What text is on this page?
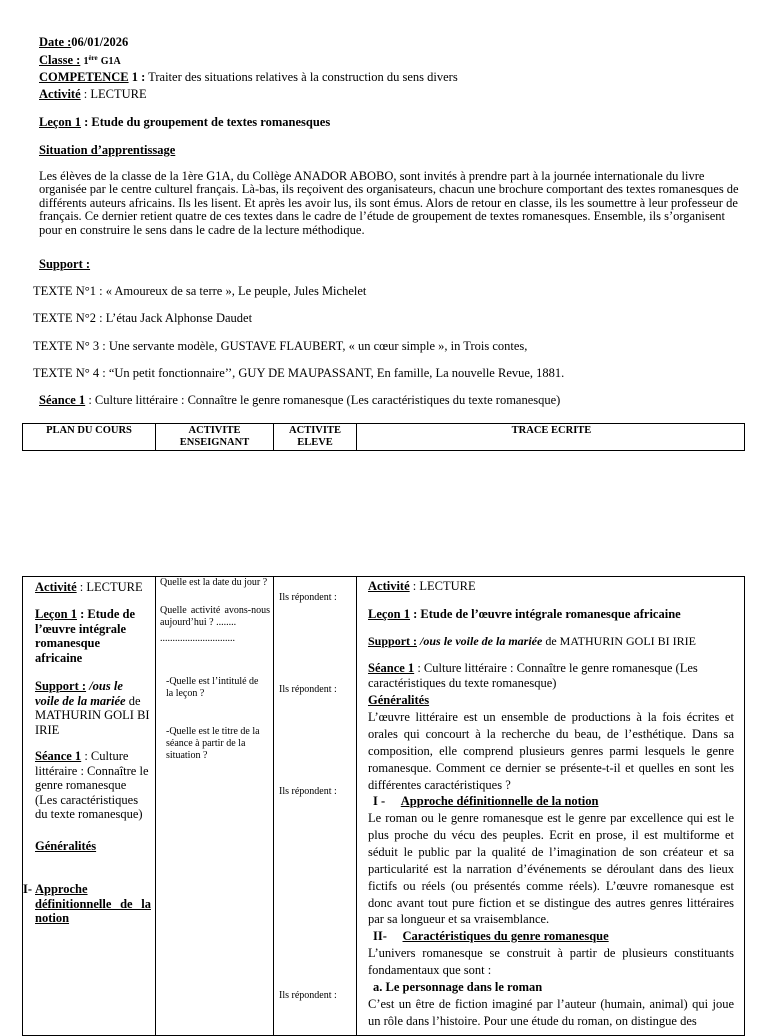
Date :06/01/2026
Classe : 1ère G1A
COMPETENCE 1 : Traiter des situations relatives à la construction du sens divers
Activité : LECTURE
Leçon 1 : Etude du groupement de textes romanesques
Situation d’apprentissage
Les élèves de la classe de la 1ère G1A, du Collège ANADOR ABOBO, sont invités à prendre part à la journée internationale du livre organisée par le centre culturel français. Là-bas, ils reçoivent des organisateurs, chacun une brochure comportant des textes romanesques de différents auteurs africains. Ils les lisent. Et après les avoir lus, ils sont émus. Alors de retour en classe, ils les soumettre à leur professeur de français. Ce dernier retient quatre de ces textes dans le cadre de l’étude de groupement de textes romanesques. Ensemble, ils s’organisent pour en construire le sens dans le cadre de la lecture méthodique.
Support :
TEXTE N°1 : « Amoureux de sa terre », Le peuple, Jules Michelet
TEXTE N°2 : L’étau Jack Alphonse Daudet
TEXTE N° 3 : Une servante modèle, GUSTAVE FLAUBERT, « un cœur simple », in Trois contes,
TEXTE N° 4 : “Un petit fonctionnaire’’, GUY DE MAUPASSANT, En famille, La nouvelle Revue, 1881.
Séance 1 : Culture littéraire : Connaître le genre romanesque (Les caractéristiques du texte romanesque)
PLAN DU COURS	ACTIVITE
ENSEIGNANT
ACTIVITE
ELEVE
TRACE ECRITE
Activité : LECTURE
Leçon 1 : Etude de l’œuvre intégrale romanesque africaine
Support : /ous le voile de la mariée de MATHURIN GOLI BI IRIE
Séance 1 : Culture littéraire : Connaître le genre romanesque (Les caractéristiques du texte romanesque)
Généralités
I- Approche définitionnelle de la notion
Quelle est la date du jour ?
Quelle activité avons-nous aujourd’hui ? ........
..............................
-Quelle est l’intitulé de la leçon ?
-Quelle est le titre de la séance à partir de la situation ?
Ils répondent :
Ils répondent :
Ils répondent :
Ils répondent :
Activité : LECTURE
Leçon 1 : Etude de l’œuvre intégrale romanesque africaine
Support : /ous le voile de la mariée de MATHURIN GOLI BI IRIE
Séance 1 : Culture littéraire : Connaître le genre romanesque (Les caractéristiques du texte romanesque)
Généralités
L’œuvre littéraire est un ensemble de productions à la fois écrites et orales qui concourt à la recherche du beau, de l’esthétique. Dans sa composition, elle comprend plusieurs genres parmi lesquels le genre romanesque. Comment ce dernier se présente-t-il et quelles en sont les différentes caractéristiques ?
I - Approche définitionnelle de la notion
Le roman ou le genre romanesque est le genre par excellence qui est le plus proche du vécu des peuples. Ecrit en prose, il est multiforme et séduit le public par la qualité de l’imagination de son créateur et sa particularité est la narration d’événements se déroulant dans des lieux fictifs ou réels (ou présentés comme réels). L’œuvre romanesque est donc avant tout pure fiction et se distingue des autres genres littéraires par sa longueur et sa vraisemblance.
II- Caractéristiques du genre romanesque
L’univers romanesque se construit à partir de plusieurs constituants fondamentaux que sont :
a. Le personnage dans le roman
C’est un être de fiction imaginé par l’auteur (humain, animal) qui joue un rôle dans l’histoire. Pour une étude du roman, on distingue des
